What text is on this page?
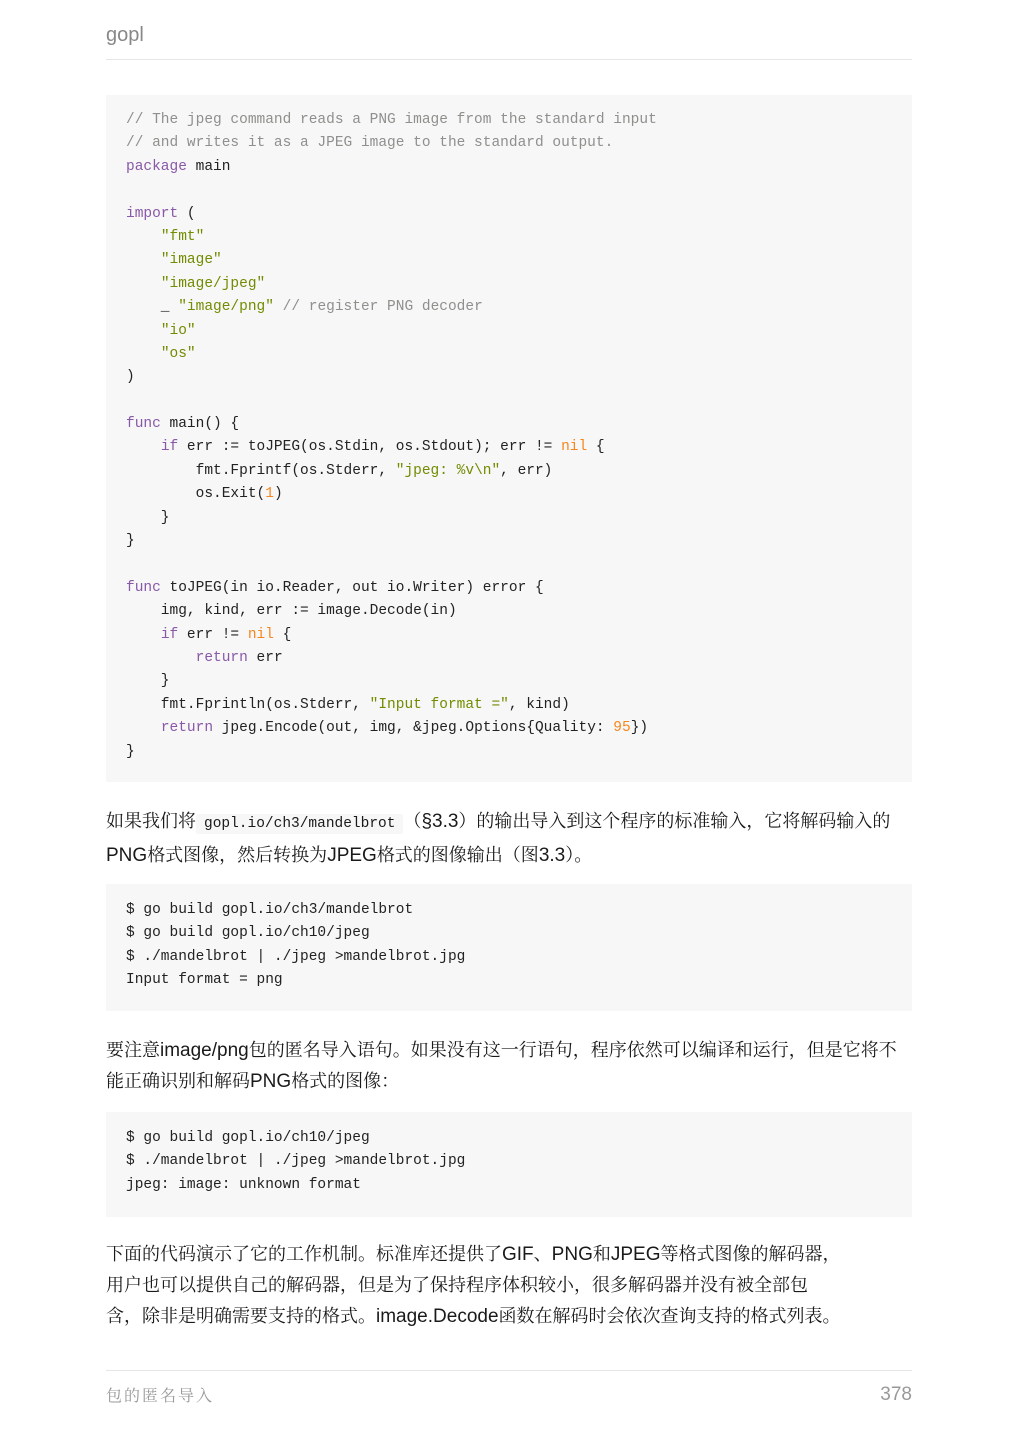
gopl
// The jpeg command reads a PNG image from the standard input
// and writes it as a JPEG image to the standard output.
package main
import (
"fmt"
"image"
"image/jpeg"
_ "image/png" // register PNG decoder
"io"
"os"
)
func main() {
if err := toJPEG(os.Stdin, os.Stdout); err != nil {
fmt.Fprintf(os.Stderr, "jpeg: %v\n", err)
os.Exit(1)
}
}
func toJPEG(in io.Reader, out io.Writer) error {
img, kind, err := image.Decode(in)
if err != nil {
return err
}
fmt.Fprintln(os.Stderr, "Input format =", kind)
return jpeg.Encode(out, img, &jpeg.Options{Quality: 95})
}
如果我们将 gopl.io/ch3/mandelbrot （§3.3）的输出导入到这个程序的标准输入，它将解码输入的PNG格式图像，然后转换为JPEG格式的图像输出（图3.3）。
$ go build gopl.io/ch3/mandelbrot
$ go build gopl.io/ch10/jpeg
$ ./mandelbrot | ./jpeg >mandelbrot.jpg
Input format = png
要注意image/png包的匿名导入语句。如果没有这一行语句，程序依然可以编译和运行，但是它将不能正确识别和解码PNG格式的图像：
$ go build gopl.io/ch10/jpeg
$ ./mandelbrot | ./jpeg >mandelbrot.jpg
jpeg: image: unknown format
下面的代码演示了它的工作机制。标准库还提供了GIF、PNG和JPEG等格式图像的解码器，
用户也可以提供自己的解码器，但是为了保持程序体积较小，很多解码器并没有被全部包
含，除非是明确需要支持的格式。image.Decode函数在解码时会依次查询支持的格式列表。
包的匿名导入	378
